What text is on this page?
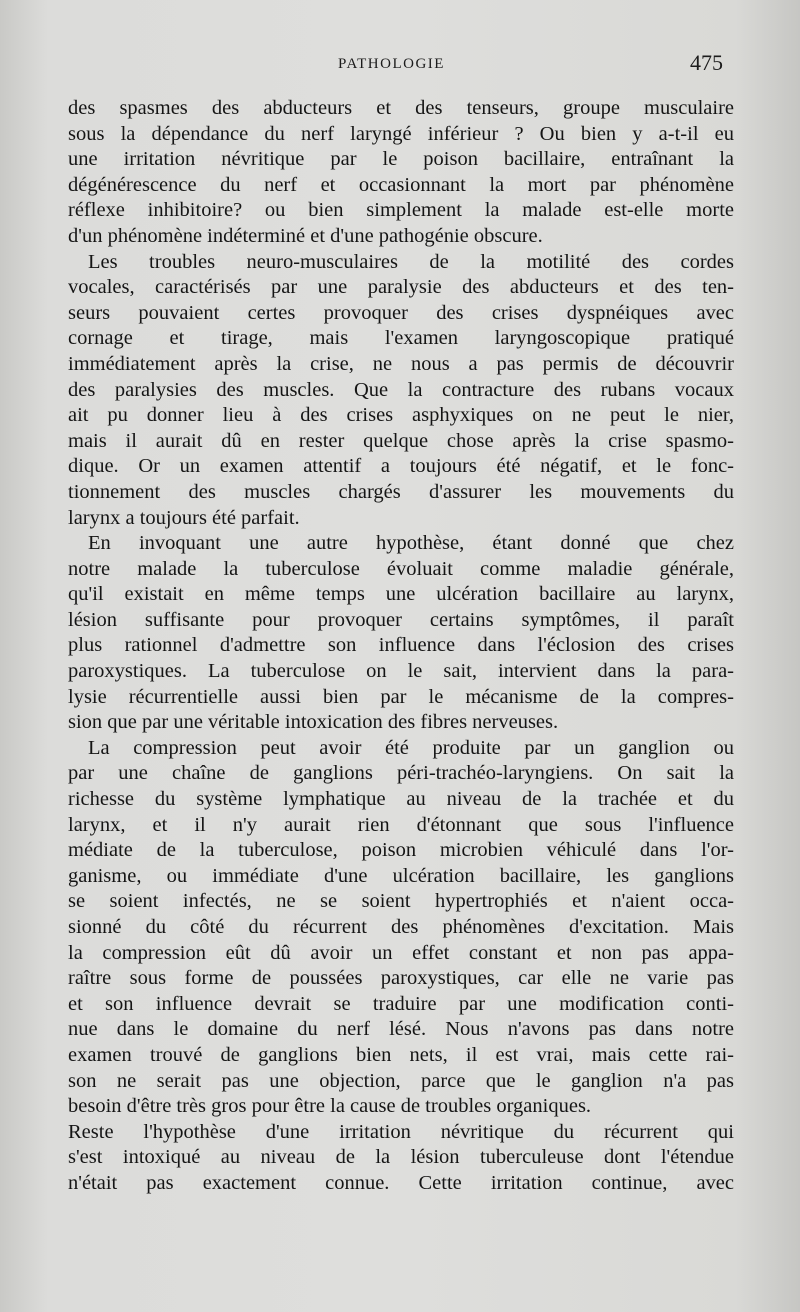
PATHOLOGIE	475
des spasmes des abducteurs et des tenseurs, groupe musculaire
sous la dépendance du nerf laryngé inférieur ? Ou bien y a-t-il eu
une irritation névritique par le poison bacillaire, entraînant la
dégénérescence du nerf et occasionnant la mort par phénomène
réflexe inhibitoire? ou bien simplement la malade est-elle morte
d'un phénomène indéterminé et d'une pathogénie obscure.
Les troubles neuro-musculaires de la motilité des cordes
vocales, caractérisés par une paralysie des abducteurs et des ten-
seurs pouvaient certes provoquer des crises dyspnéiques avec
cornage et tirage, mais l'examen laryngoscopique pratiqué
immédiatement après la crise, ne nous a pas permis de découvrir
des paralysies des muscles. Que la contracture des rubans vocaux
ait pu donner lieu à des crises asphyxiques on ne peut le nier,
mais il aurait dû en rester quelque chose après la crise spasmo-
dique. Or un examen attentif a toujours été négatif, et le fonc-
tionnement des muscles chargés d'assurer les mouvements du
larynx a toujours été parfait.
En invoquant une autre hypothèse, étant donné que chez
notre malade la tuberculose évoluait comme maladie générale,
qu'il existait en même temps une ulcération bacillaire au larynx,
lésion suffisante pour provoquer certains symptômes, il paraît
plus rationnel d'admettre son influence dans l'éclosion des crises
paroxystiques. La tuberculose on le sait, intervient dans la para-
lysie récurrentielle aussi bien par le mécanisme de la compres-
sion que par une véritable intoxication des fibres nerveuses.
La compression peut avoir été produite par un ganglion ou
par une chaîne de ganglions péri-trachéo-laryngiens. On sait la
richesse du système lymphatique au niveau de la trachée et du
larynx, et il n'y aurait rien d'étonnant que sous l'influence
médiate de la tuberculose, poison microbien véhiculé dans l'or-
ganisme, ou immédiate d'une ulcération bacillaire, les ganglions
se soient infectés, ne se soient hypertrophiés et n'aient occa-
sionné du côté du récurrent des phénomènes d'excitation. Mais
la compression eût dû avoir un effet constant et non pas appa-
raître sous forme de poussées paroxystiques, car elle ne varie pas
et son influence devrait se traduire par une modification conti-
nue dans le domaine du nerf lésé. Nous n'avons pas dans notre
examen trouvé de ganglions bien nets, il est vrai, mais cette rai-
son ne serait pas une objection, parce que le ganglion n'a pas
besoin d'être très gros pour être la cause de troubles organiques.
Reste l'hypothèse d'une irritation névritique du récurrent qui
s'est intoxiqué au niveau de la lésion tuberculeuse dont l'étendue
n'était pas exactement connue. Cette irritation continue, avec
